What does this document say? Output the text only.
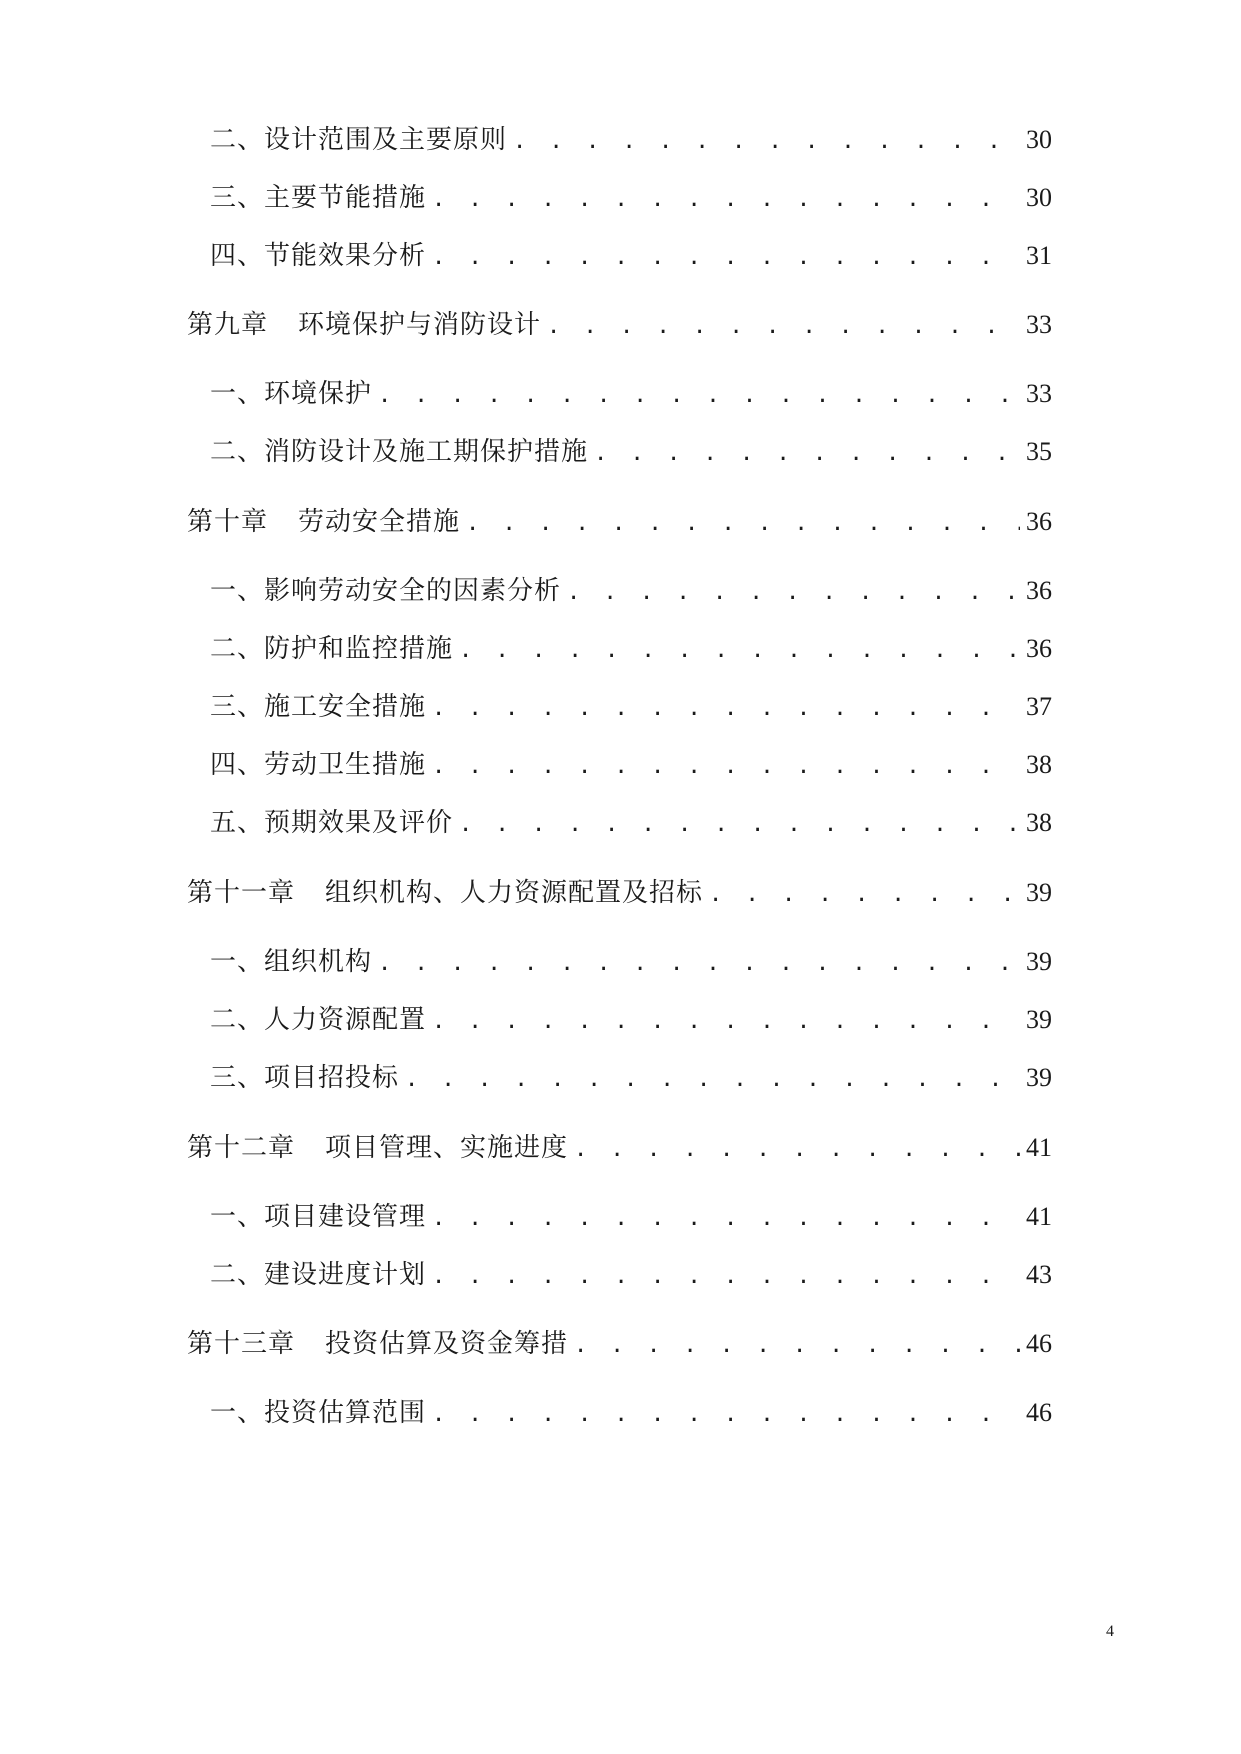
二、设计范围及主要原则 . . .	30
三、主要节能措施 . . .	30
四、节能效果分析 . . .	31
第九章 环境保护与消防设计 . . .	33
一、环境保护 . . .	33
二、消防设计及施工期保护措施 . . .	35
第十章 劳动安全措施 . . .	36
一、影响劳动安全的因素分析 . . .	36
二、防护和监控措施 . . .	36
三、施工安全措施 . . .	37
四、劳动卫生措施 . . .	38
五、预期效果及评价 . . .	38
第十一章 组织机构、人力资源配置及招标 . . .	39
一、组织机构 . . .	39
二、人力资源配置 . . .	39
三、项目招投标 . . .	39
第十二章 项目管理、实施进度 . . .	41
一、项目建设管理 . . .	41
二、建设进度计划 . . .	43
第十三章 投资估算及资金筹措 . . .	46
一、投资估算范围 . . .	46
4
